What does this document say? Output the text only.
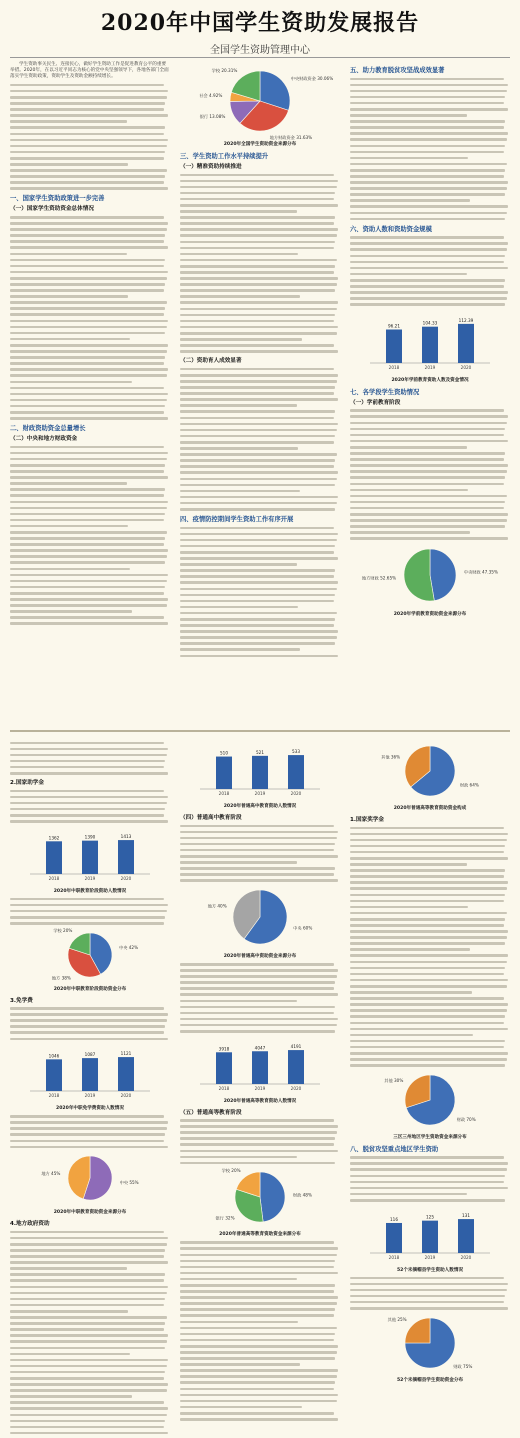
2020年中国学生资助发展报告
全国学生资助管理中心

学生资助事关民生、连接民心，做好学生资助工作是促进教育公平的重要举措。2020年，在以习近平同志为核心的党中央坚强领导下，各地各部门全面落实学生资助政策，资助学生及资助金额持续增长。

一、国家学生资助政策进一步完善
（一）国家学生资助资金总体情况
二、财政资助资金总量增长
（二）中央和地方财政资金
中央财政资金 30.06%
地方财政资金 31.63%
银行 13.08%
社会 4.92%
学校 20.31%
2020年全国学生资助资金来源分布
三、学生资助工作水平持续提升
（一）精准资助持续推进
（二）资助育人成效显著
四、疫情防控期间学生资助工作有序开展
五、助力教育脱贫攻坚战成效显著
六、资助人数和资助资金规模
96.21
2018
104.33
2019
112.39
2020
2020年学前教育资助人数及资金情况
七、各学段学生资助情况
（一）学前教育阶段
中央财政 47.35%
地方财政 52.65%
2020年学前教育资助资金来源分布
2.国家助学金
1362
2018
1390
2019
1413
2020
2020年中职教育阶段资助人数情况
中央 42%
地方 38%
学校 20%
2020年中职教育阶段资助资金分布
3.免学费
1046
2018
1087
2019
1121
2020
2020年中职免学费资助人数情况
中央 55%
地方 45%
2020年中职教育资助资金来源分布
4.地方政府资助
510
2018
521
2019
533
2020
2020年普通高中教育资助人数情况
（四）普通高中教育阶段
中央 60%
地方 40%
2020年普通高中资助资金来源分布
3918
2018
4047
2019
4191
2020
2020年普通高等教育资助人数情况
（五）普通高等教育阶段
财政 48%
银行 32%
学校 20%
2020年普通高等教育资助资金来源分布
财政 64%
其他 36%
2020年普通高等教育资助资金构成
1.国家奖学金
财政 70%
其他 30%
三区三州地区学生资助资金来源分布
八、脱贫攻坚重点地区学生资助
116
2018
125
2019
131
2020
52个未摘帽县学生资助人数情况
财政 75%
其他 25%
52个未摘帽县学生资助资金分布
